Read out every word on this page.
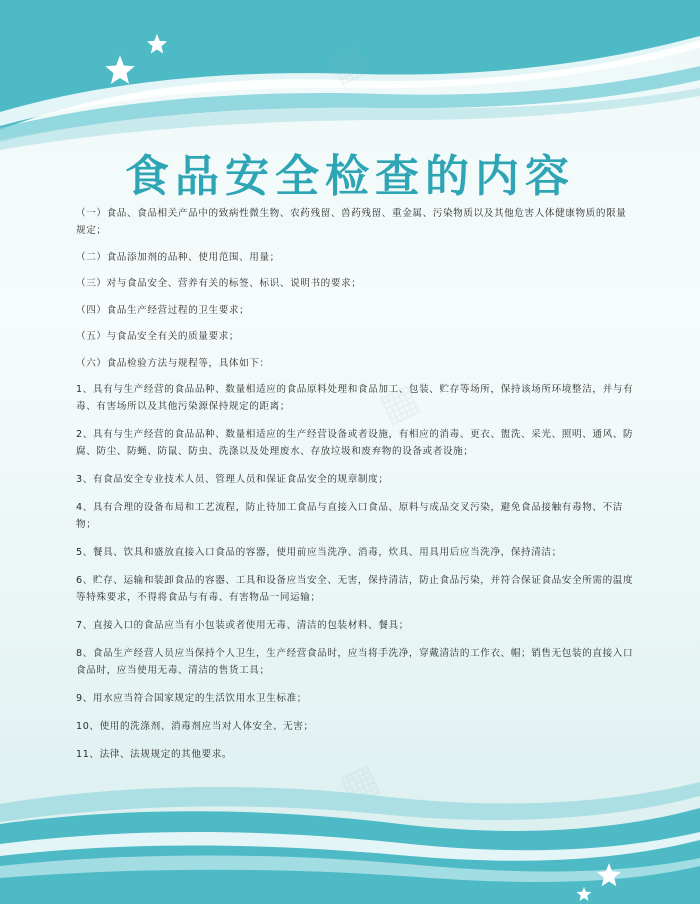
▦
▦
食品安全检查的内容

（一）食品、食品相关产品中的致病性微生物、农药残留、兽药残留、重金属、污染物质以及其他危害人体健康物质的限量规定；

（二）食品添加剂的品种、使用范围、用量；

（三）对与食品安全、营养有关的标签、标识、说明书的要求；

（四）食品生产经营过程的卫生要求；

（五）与食品安全有关的质量要求；

（六）食品检验方法与规程等，具体如下：

1、具有与生产经营的食品品种、数量相适应的食品原料处理和食品加工、包装、贮存等场所，保持该场所环境整洁，并与有毒、有害场所以及其他污染源保持规定的距离；

2、具有与生产经营的食品品种、数量相适应的生产经营设备或者设施，有相应的消毒、更衣、盥洗、采光、照明、通风、防腐、防尘、防蝇、防鼠、防虫、洗涤以及处理废水、存放垃圾和废弃物的设备或者设施；

3、有食品安全专业技术人员、管理人员和保证食品安全的规章制度；

4、具有合理的设备布局和工艺流程，防止待加工食品与直接入口食品、原料与成品交叉污染，避免食品接触有毒物、不洁物；

5、餐具、饮具和盛放直接入口食品的容器，使用前应当洗净、消毒，炊具、用具用后应当洗净，保持清洁；

6、贮存、运输和装卸食品的容器、工具和设备应当安全、无害，保持清洁，防止食品污染，并符合保证食品安全所需的温度等特殊要求，不得将食品与有毒、有害物品一同运输；

7、直接入口的食品应当有小包装或者使用无毒、清洁的包装材料、餐具；

8、食品生产经营人员应当保持个人卫生，生产经营食品时，应当将手洗净，穿戴清洁的工作衣、帽；销售无包装的直接入口食品时，应当使用无毒、清洁的售货工具；

9、用水应当符合国家规定的生活饮用水卫生标准；

10、使用的洗涤剂、消毒剂应当对人体安全、无害；

11、法律、法规规定的其他要求。
